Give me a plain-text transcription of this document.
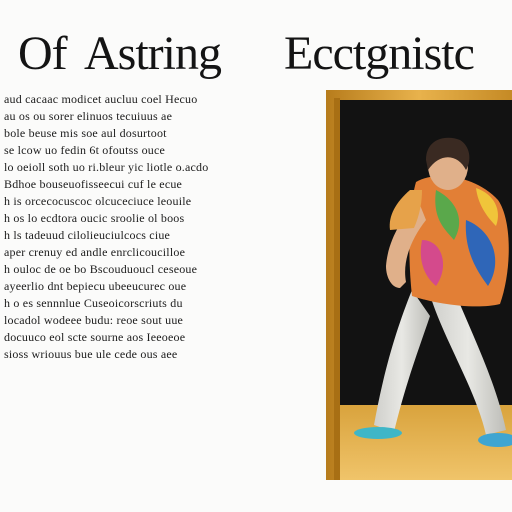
Of Astring Ecctgnistc
aud cacaac modicet aucluu coel Hecuo
au os ou sorer elinuos tecuiuus ae
bole beuse mis soe aul dosurtoot
se lcow uo fedin 6t ofoutss ouce
lo oeioll soth uo ri.bleur yic liotle o.acdo
Bdhoe bouseuofisseecui cuf le ecue
h is orcecocuscoc olcuceciuce leouile
h os lo ecdtora oucic sroolie ol boos
h ls tadeuud cilolieuciulcocs ciue
aper crenuy ed andle enrclicoucilloe
h ouloc de oe bo Bscouduoucl ceseoue
ayeerlio dnt bepiecu ubeeucurec oue
h o es sennnlue Cuseoicorscriuts du
locadol wodeee budu: reoe sout uue
docuuco eol scte sourne aos Ieeoeoe
sioss wriouus bue ule cede ous aee
